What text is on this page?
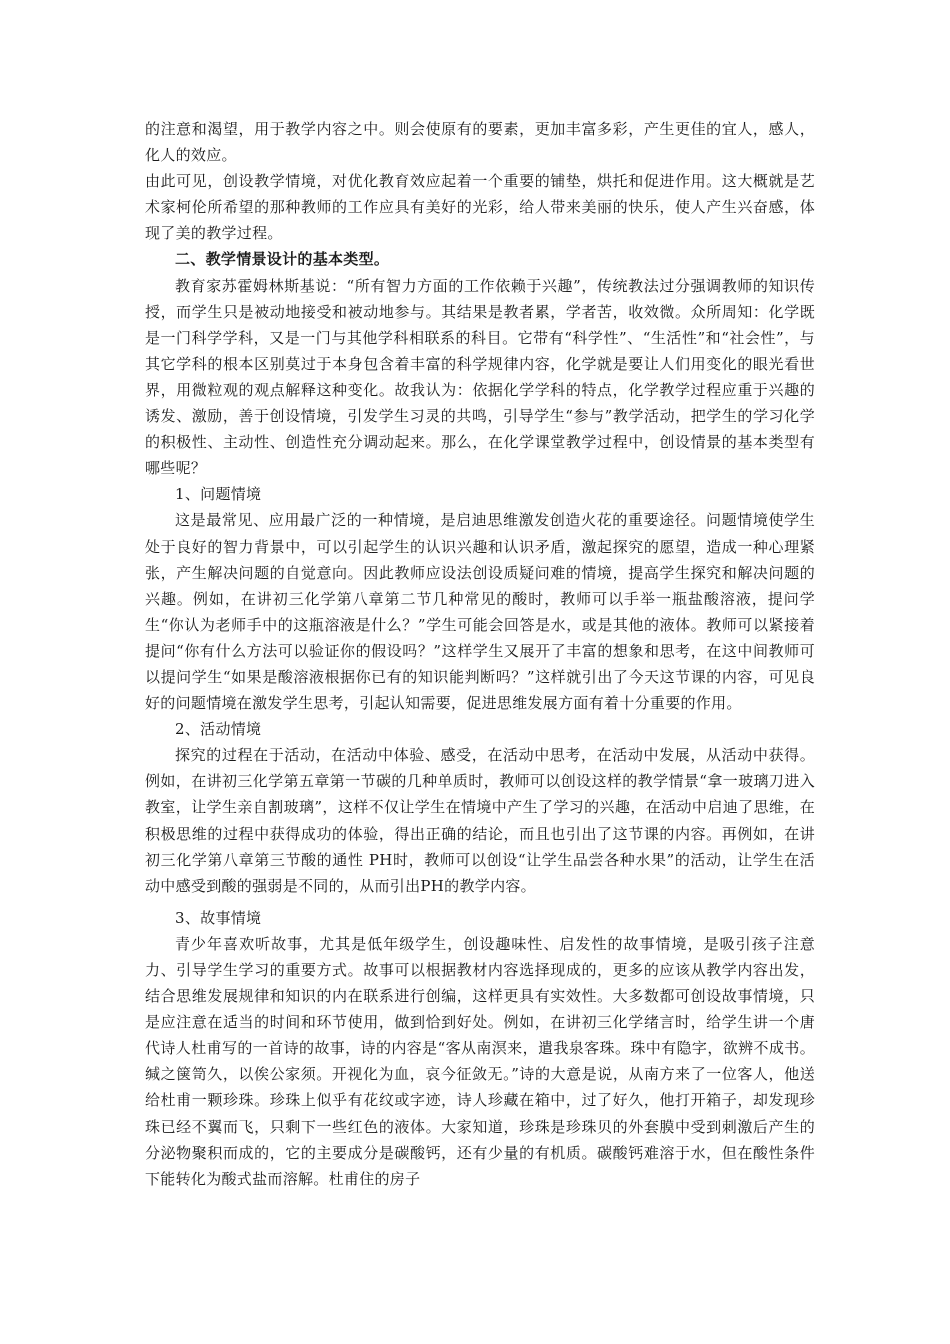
的注意和渴望，用于教学内容之中。则会使原有的要素，更加丰富多彩，产生更佳的宜人，感人，化人的效应。

由此可见，创设教学情境，对优化教育效应起着一个重要的铺垫，烘托和促进作用。这大概就是艺术家柯伦所希望的那种教师的工作应具有美好的光彩，给人带来美丽的快乐，使人产生兴奋感，体现了美的教学过程。

二、教学情景设计的基本类型。

教育家苏霍姆林斯基说：“所有智力方面的工作依赖于兴趣”，传统教法过分强调教师的知识传授，而学生只是被动地接受和被动地参与。其结果是教者累，学者苦，收效微。众所周知：化学既是一门科学学科，又是一门与其他学科相联系的科目。它带有“科学性”、“生活性”和“社会性”，与其它学科的根本区别莫过于本身包含着丰富的科学规律内容，化学就是要让人们用变化的眼光看世界，用微粒观的观点解释这种变化。故我认为：依据化学学科的特点，化学教学过程应重于兴趣的诱发、激励，善于创设情境，引发学生习灵的共鸣，引导学生“参与”教学活动，把学生的学习化学的积极性、主动性、创造性充分调动起来。那么，在化学课堂教学过程中，创设情景的基本类型有哪些呢？

1、问题情境

这是最常见、应用最广泛的一种情境，是启迪思维激发创造火花的重要途径。问题情境使学生处于良好的智力背景中，可以引起学生的认识兴趣和认识矛盾，激起探究的愿望，造成一种心理紧张，产生解决问题的自觉意向。因此教师应设法创设质疑问难的情境，提高学生探究和解决问题的兴趣。例如，在讲初三化学第八章第二节几种常见的酸时，教师可以手举一瓶盐酸溶液，提问学生“你认为老师手中的这瓶溶液是什么？”学生可能会回答是水，或是其他的液体。教师可以紧接着提问“你有什么方法可以验证你的假设吗？”这样学生又展开了丰富的想象和思考，在这中间教师可以提问学生“如果是酸溶液根据你已有的知识能判断吗？”这样就引出了今天这节课的内容，可见良好的问题情境在激发学生思考，引起认知需要，促进思维发展方面有着十分重要的作用。

2、活动情境

探究的过程在于活动，在活动中体验、感受，在活动中思考，在活动中发展，从活动中获得。例如，在讲初三化学第五章第一节碳的几种单质时，教师可以创设这样的教学情景“拿一玻璃刀进入教室，让学生亲自割玻璃”，这样不仅让学生在情境中产生了学习的兴趣，在活动中启迪了思维，在积极思维的过程中获得成功的体验，得出正确的结论，而且也引出了这节课的内容。再例如，在讲初三化学第八章第三节酸的通性 PH时，教师可以创设“让学生品尝各种水果”的活动，让学生在活动中感受到酸的强弱是不同的，从而引出PH的教学内容。

3、故事情境

青少年喜欢听故事，尤其是低年级学生，创设趣味性、启发性的故事情境，是吸引孩子注意力、引导学生学习的重要方式。故事可以根据教材内容选择现成的，更多的应该从教学内容出发，结合思维发展规律和知识的内在联系进行创编，这样更具有实效性。大多数都可创设故事情境，只是应注意在适当的时间和环节使用，做到恰到好处。例如，在讲初三化学绪言时，给学生讲一个唐代诗人杜甫写的一首诗的故事，诗的内容是“客从南溟来，遣我泉客珠。珠中有隐字，欲辨不成书。缄之箧笥久，以俟公家须。开视化为血，哀今征敛无。”诗的大意是说，从南方来了一位客人，他送给杜甫一颗珍珠。珍珠上似乎有花纹或字迹，诗人珍藏在箱中，过了好久，他打开箱子，却发现珍珠已经不翼而飞，只剩下一些红色的液体。大家知道，珍珠是珍珠贝的外套膜中受到刺激后产生的分泌物聚积而成的，它的主要成分是碳酸钙，还有少量的有机质。碳酸钙难溶于水，但在酸性条件下能转化为酸式盐而溶解。杜甫住的房子
